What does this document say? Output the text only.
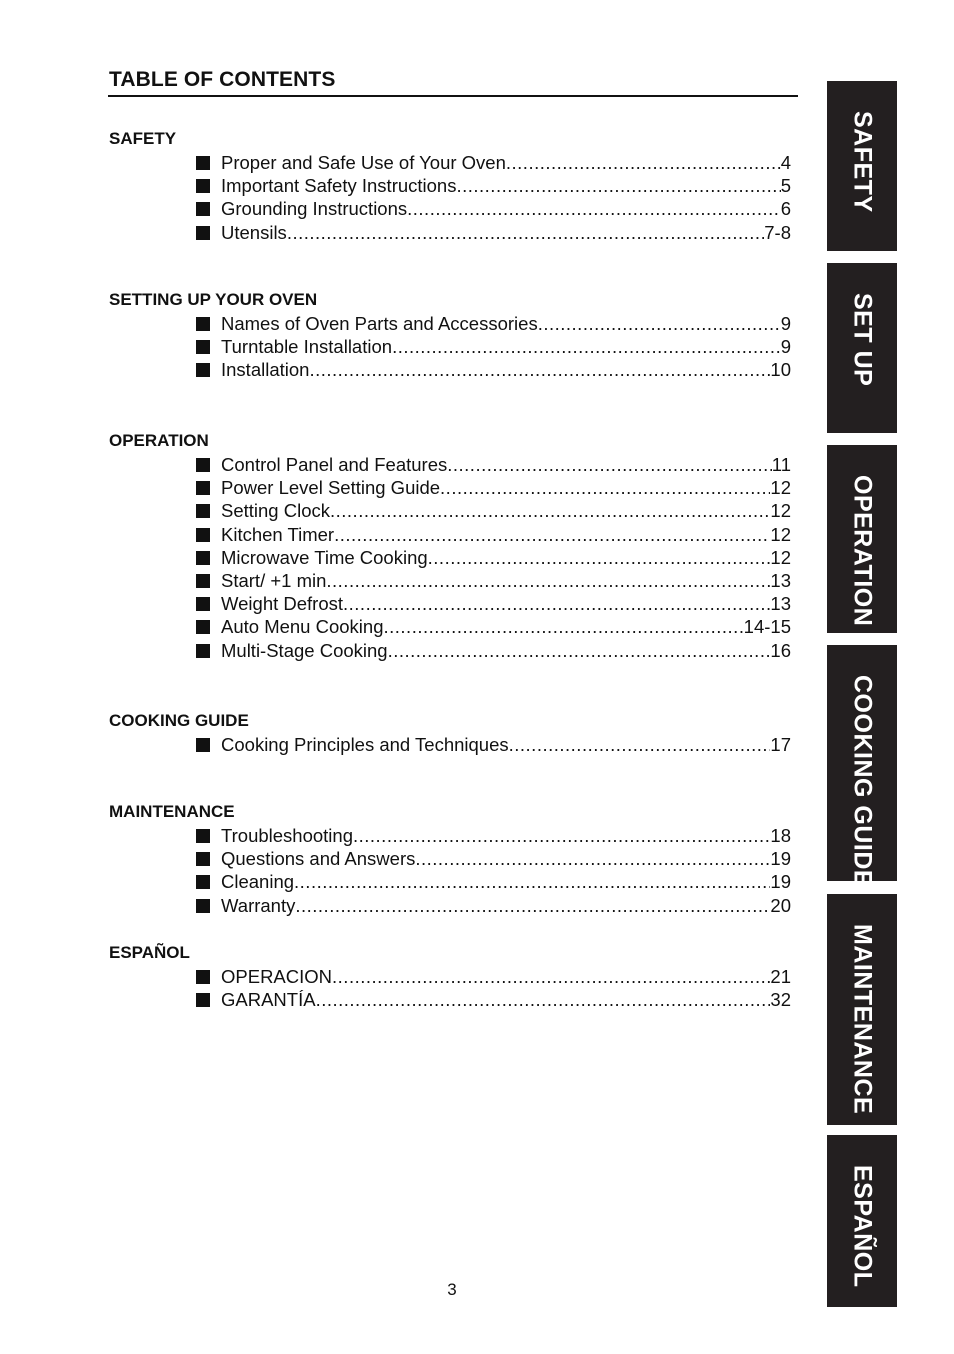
TABLE OF CONTENTS
SAFETY
Proper and Safe Use of Your Oven .....	4
Important Safety Instructions .....	5
Grounding Instructions .....	6
Utensils .....	7-8
SETTING UP YOUR OVEN
Names of Oven Parts and Accessories .....	9
Turntable Installation .....	9
Installation .....	10
OPERATION
Control Panel and Features .....	11
Power Level Setting Guide .....	12
Setting Clock .....	12
Kitchen Timer .....	12
Microwave Time Cooking .....	12
Start/ +1 min .....	13
Weight Defrost .....	13
Auto Menu Cooking .....	14-15
Multi-Stage Cooking .....	16
COOKING GUIDE
Cooking Principles and Techniques .....	17
MAINTENANCE
Troubleshooting .....	18
Questions and Answers .....	19
Cleaning .....	19
Warranty .....	20
ESPAÑOL
OPERACION .....	21
GARANTÍA .....	32
SAFETY
SET UP
OPERATION
COOKING GUIDE
MAINTENANCE
ESPAÑOL
3
